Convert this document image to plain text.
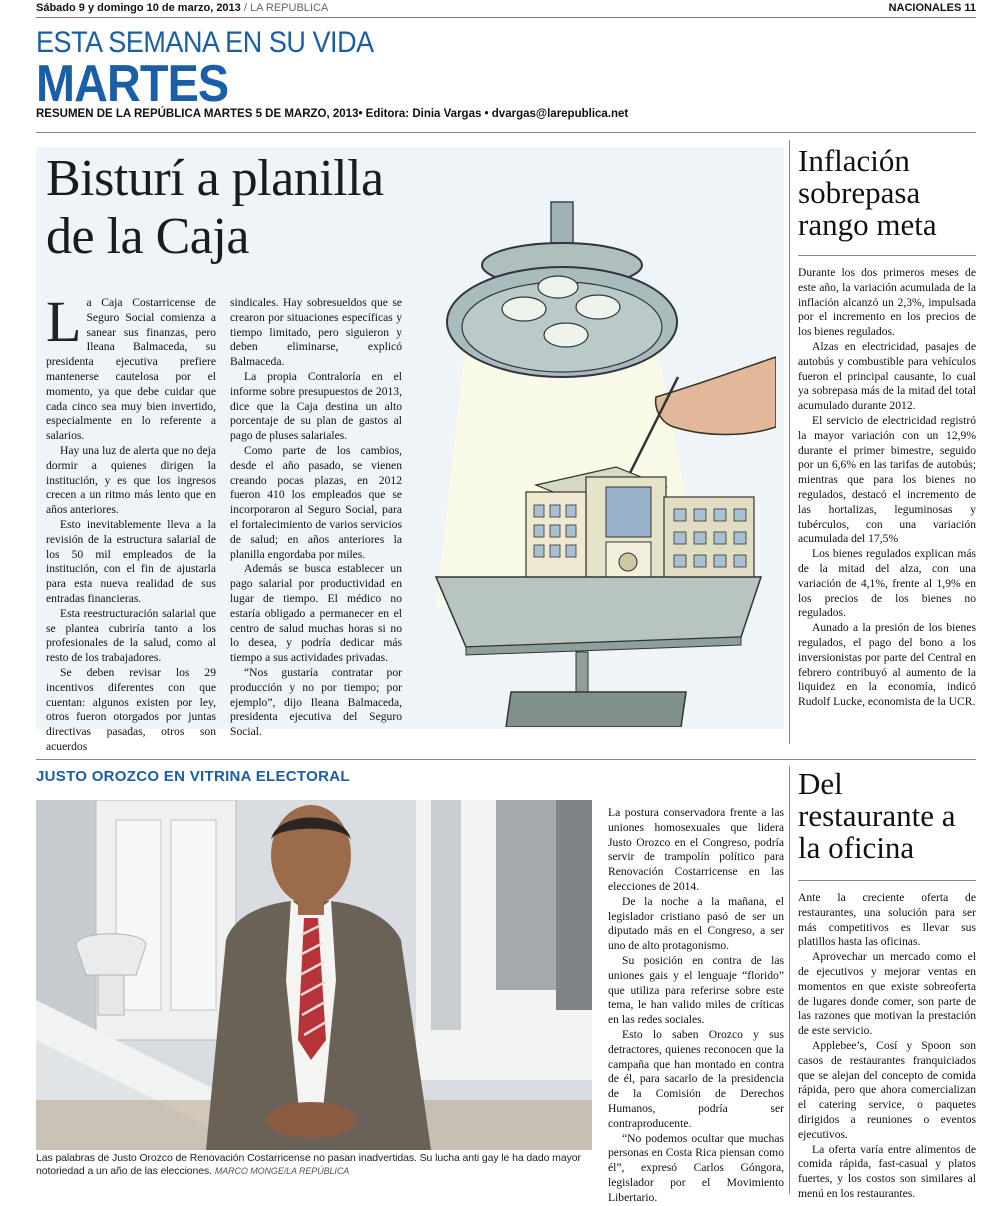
Sábado 9 y domingo 10 de marzo, 2013 / LA REPUBLICA	NACIONALES 11
ESTA SEMANA EN SU VIDA
MARTES
RESUMEN DE LA REPÚBLICA MARTES 5 DE MARZO, 2013• Editora: Dinia Vargas • dvargas@larepublica.net
Bisturí a planilla
de la Caja

La Caja Costarricense de Seguro Social comienza a sanear sus finanzas, pero Ileana Balmaceda, su presidenta ejecutiva prefiere mantenerse cautelosa por el momento, ya que debe cuidar que cada cinco sea muy bien invertido, especialmente en lo referente a salarios.

Hay una luz de alerta que no deja dormir a quienes dirigen la institución, y es que los ingresos crecen a un ritmo más lento que en años anteriores.

Esto inevitablemente lleva a la revisión de la estructura salarial de los 50 mil empleados de la institución, con el fin de ajustarla para esta nueva realidad de sus entradas financieras.

Esta reestructuración salarial que se plantea cubriría tanto a los profesionales de la salud, como al resto de los trabajadores.

Se deben revisar los 29 incentivos diferentes con que cuentan: algunos existen por ley, otros fueron otorgados por juntas directivas pasadas, otros son acuerdos

sindicales. Hay sobresueldos que se crearon por situaciones específicas y tiempo limitado, pero siguieron y deben eliminarse, explicó Balmaceda.

La propia Contraloría en el informe sobre presupuestos de 2013, dice que la Caja destina un alto porcentaje de su plan de gastos al pago de pluses salariales.

Como parte de los cambios, desde el año pasado, se vienen creando pocas plazas, en 2012 fueron 410 los empleados que se incorporaron al Seguro Social, para el fortalecimiento de varios servicios de salud; en años anteriores la planilla engordaba por miles.

Además se busca establecer un pago salarial por productividad en lugar de tiempo. El médico no estaría obligado a permanecer en el centro de salud muchas horas si no lo desea, y podría dedicar más tiempo a sus actividades privadas.

“Nos gustaría contratar por producción y no por tiempo; por ejemplo”, dijo Ileana Balmaceda, presidenta ejecutiva del Seguro Social.

Inflación sobrepasa rango meta

Durante los dos primeros meses de este año, la variación acumulada de la inflación alcanzó un 2,3%, impulsada por el incremento en los precios de los bienes regulados.

Alzas en electricidad, pasajes de autobús y combustible para vehículos fueron el principal causante, lo cual ya sobrepasa más de la mitad del total acumulado durante 2012.

El servicio de electricidad registró la mayor variación con un 12,9% durante el primer bimestre, seguido por un 6,6% en las tarifas de autobús; mientras que para los bienes no regulados, destacó el incremento de las hortalizas, leguminosas y tubérculos, con una variación acumulada del 17,5%

Los bienes regulados explican más de la mitad del alza, con una variación de 4,1%, frente al 1,9% en los precios de los bienes no regulados.

Aunado a la presión de los bienes regulados, el pago del bono a los inversionistas por parte del Central en febrero contribuyó al aumento de la liquidez en la economía, indicó Rudolf Lucke, economista de la UCR.

JUSTO OROZCO EN VITRINA ELECTORAL
Las palabras de Justo Orozco de Renovación Costarricense no pasan inadvertidas. Su lucha anti gay le ha dado mayor notoriedad a un año de las elecciones. MARCO MONGE/LA REPÚBLICA

La postura conservadora frente a las uniones homosexuales que lidera Justo Orozco en el Congreso, podría servir de trampolín político para Renovación Costarricense en las elecciones de 2014.

De la noche a la mañana, el legislador cristiano pasó de ser un diputado más en el Congreso, a ser uno de alto protagonismo.

Su posición en contra de las uniones gais y el lenguaje “florido” que utiliza para referirse sobre este tema, le han valido miles de críticas en las redes sociales.

Esto lo saben Orozco y sus detractores, quienes reconocen que la campaña que han montado en contra de él, para sacarlo de la presidencia de la Comisión de Derechos Humanos, podría ser contraproducente.

“No podemos ocultar que muchas personas en Costa Rica piensan como él”, expresó Carlos Góngora, legislador por el Movimiento Libertario.

Del restaurante a la oficina

Ante la creciente oferta de restaurantes, una solución para ser más competitivos es llevar sus platillos hasta las oficinas.

Aprovechar un mercado como el de ejecutivos y mejorar ventas en momentos en que existe sobreoferta de lugares donde comer, son parte de las razones que motivan la prestación de este servicio.

Applebee’s, Cosí y Spoon son casos de restaurantes franquiciados que se alejan del concepto de comida rápida, pero que ahora comercializan el catering service, o paquetes dirigidos a reuniones o eventos ejecutivos.

La oferta varía entre alimentos de comida rápida, fast-casual y platos fuertes, y los costos son similares al menú en los restaurantes.
